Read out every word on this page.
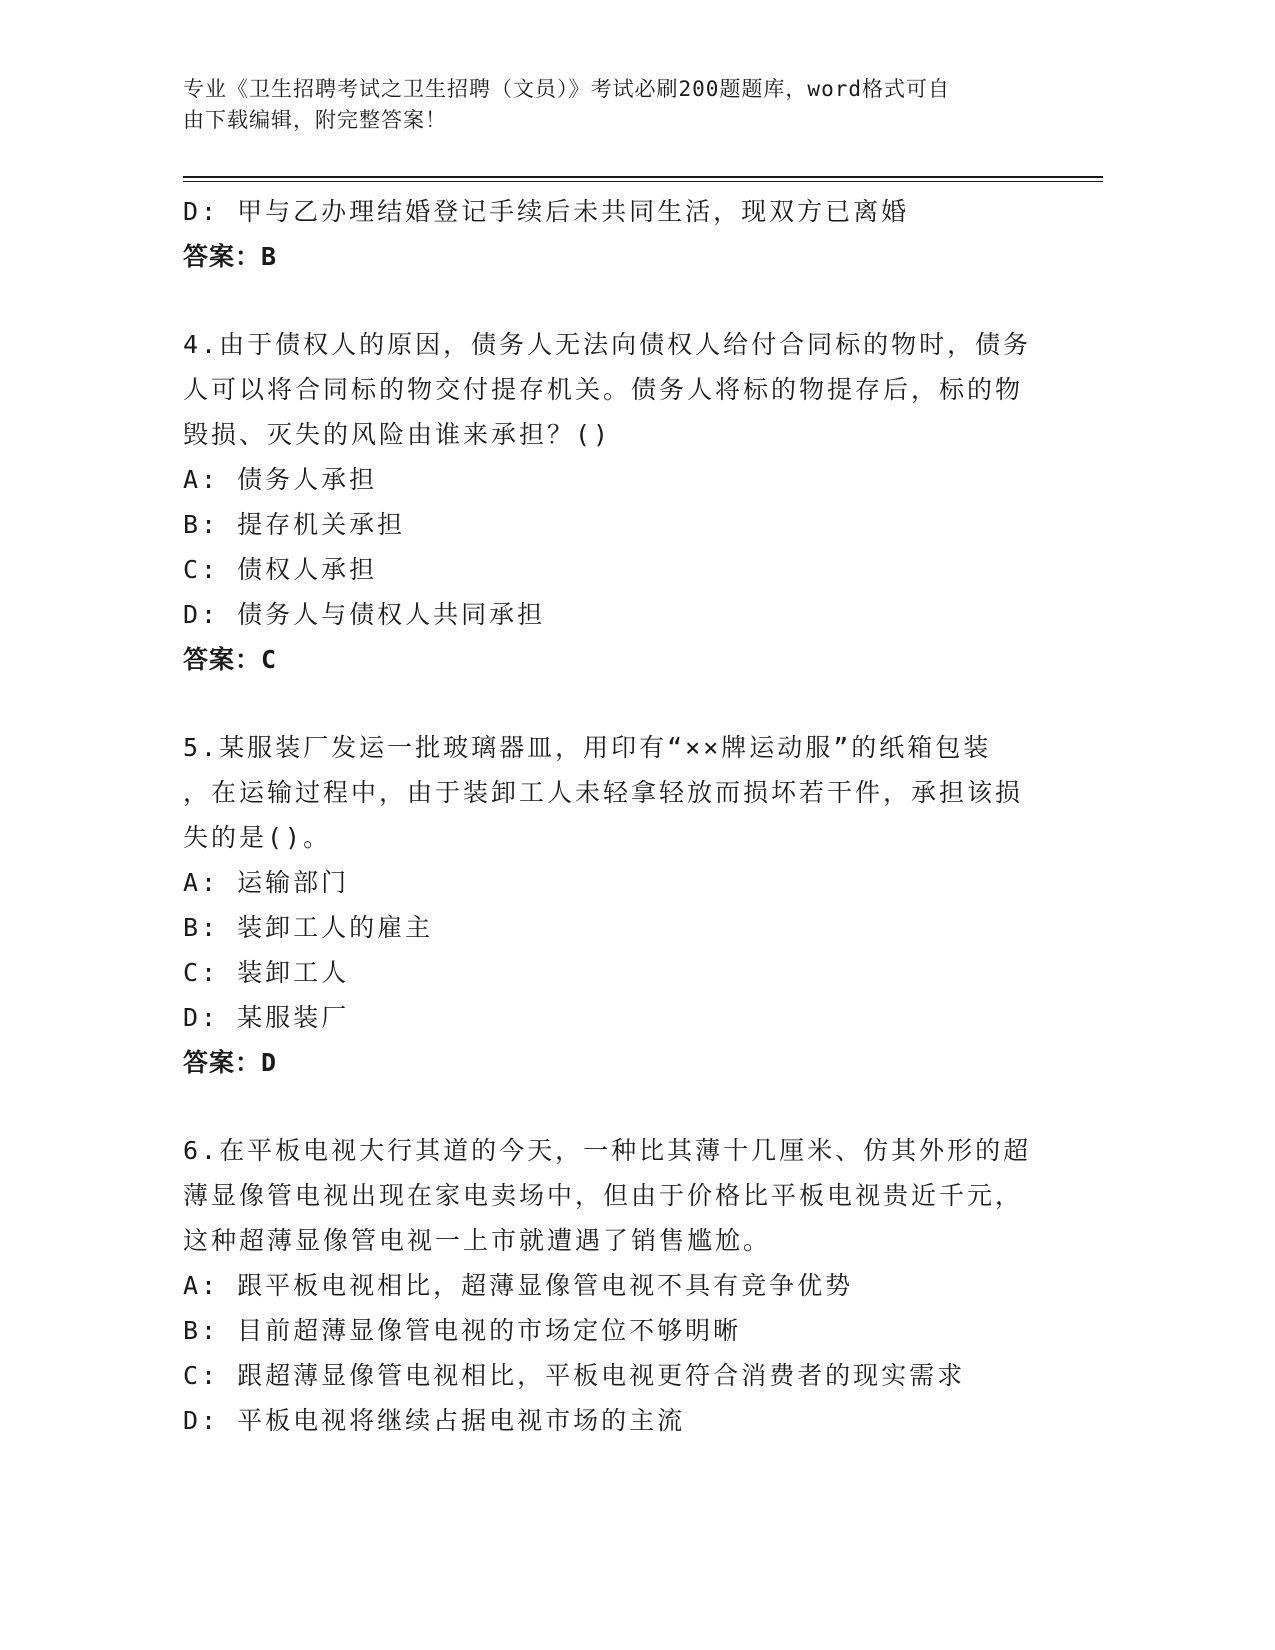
专业《卫生招聘考试之卫生招聘（文员）》考试必刷200题题库，word格式可自
由下载编辑，附完整答案！
D: 甲与乙办理结婚登记手续后未共同生活，现双方已离婚
答案：B
4.由于债权人的原因，债务人无法向债权人给付合同标的物时，债务
人可以将合同标的物交付提存机关。债务人将标的物提存后，标的物
毁损、灭失的风险由谁来承担？()
A: 债务人承担
B: 提存机关承担
C: 债权人承担
D: 债务人与债权人共同承担
答案：C
5.某服装厂发运一批玻璃器皿，用印有“××牌运动服”的纸箱包装
，在运输过程中，由于装卸工人未轻拿轻放而损坏若干件，承担该损
失的是()。
A: 运输部门
B: 装卸工人的雇主
C: 装卸工人
D: 某服装厂
答案：D
6.在平板电视大行其道的今天，一种比其薄十几厘米、仿其外形的超
薄显像管电视出现在家电卖场中，但由于价格比平板电视贵近千元，
这种超薄显像管电视一上市就遭遇了销售尴尬。
A: 跟平板电视相比，超薄显像管电视不具有竞争优势
B: 目前超薄显像管电视的市场定位不够明晰
C: 跟超薄显像管电视相比，平板电视更符合消费者的现实需求
D: 平板电视将继续占据电视市场的主流
